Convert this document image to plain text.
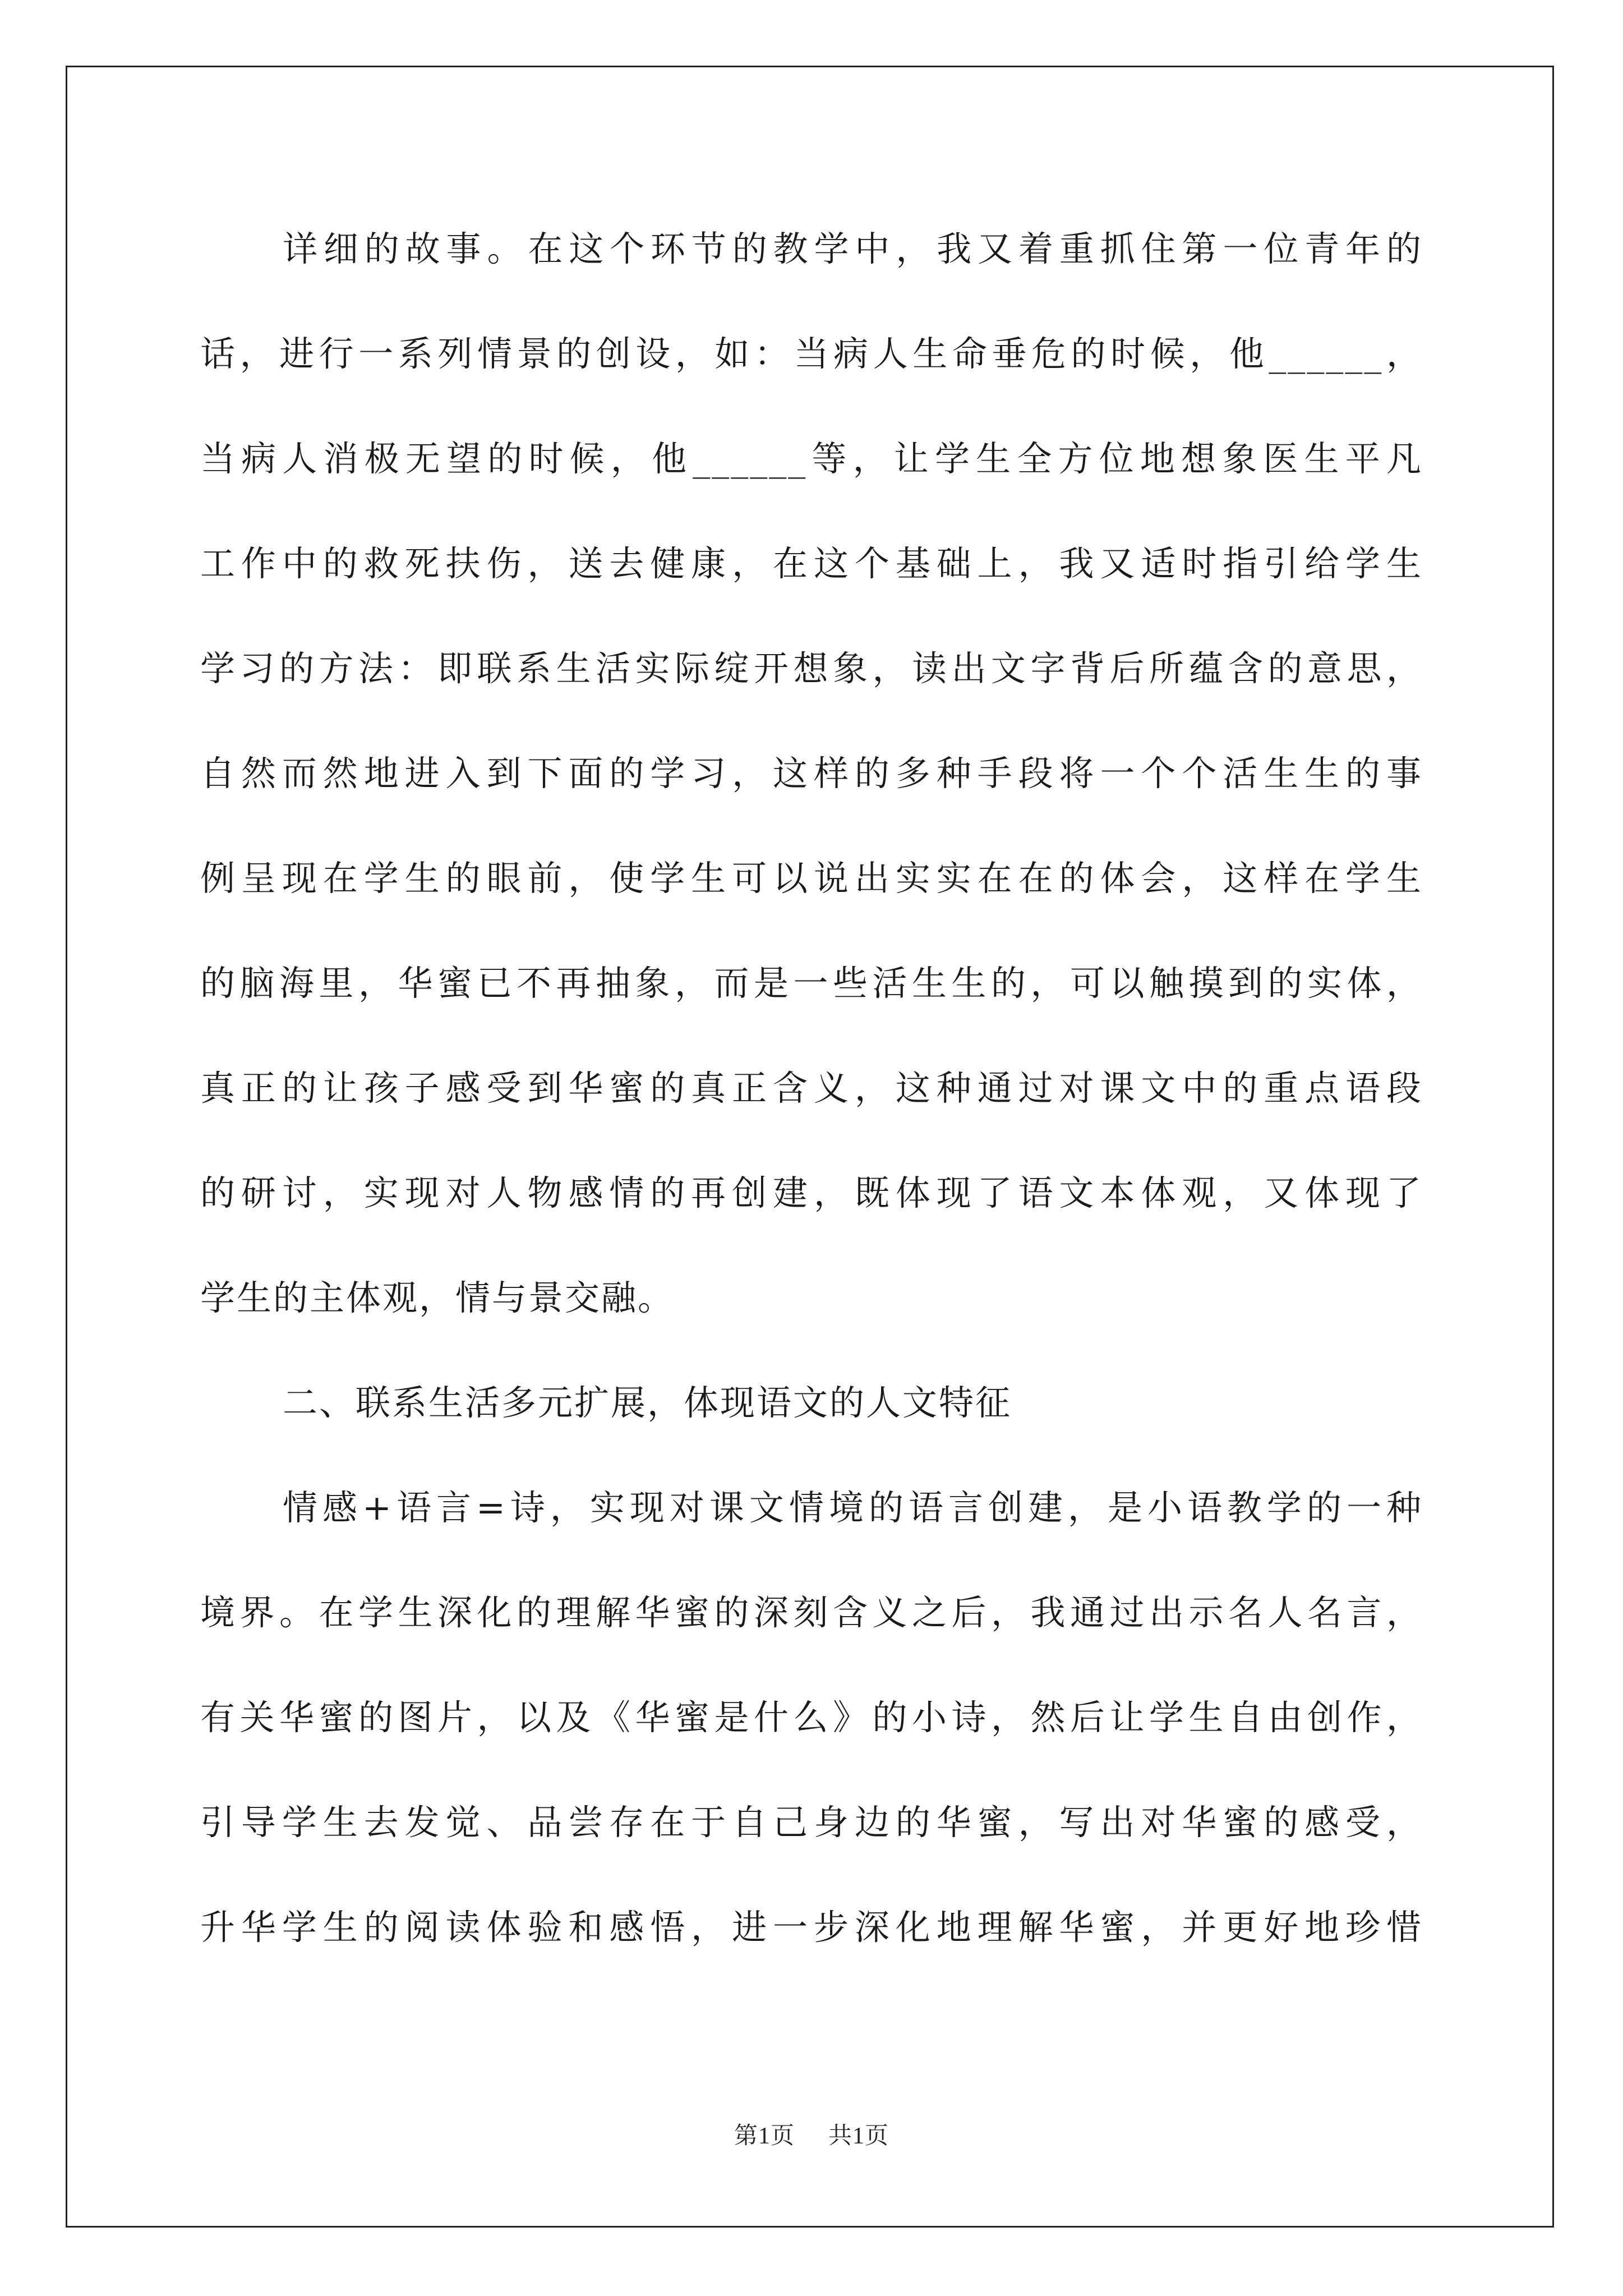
详细的故事。在这个环节的教学中，我又着重抓住第一位青年的
话，进行一系列情景的创设，如：当病人生命垂危的时候，他______，
当病人消极无望的时候，他______等，让学生全方位地想象医生平凡
工作中的救死扶伤，送去健康，在这个基础上，我又适时指引给学生
学习的方法：即联系生活实际绽开想象，读出文字背后所蕴含的意思，
自然而然地进入到下面的学习，这样的多种手段将一个个活生生的事
例呈现在学生的眼前，使学生可以说出实实在在的体会，这样在学生
的脑海里，华蜜已不再抽象，而是一些活生生的，可以触摸到的实体，
真正的让孩子感受到华蜜的真正含义，这种通过对课文中的重点语段
的研讨，实现对人物感情的再创建，既体现了语文本体观，又体现了
学生的主体观，情与景交融。
二、联系生活多元扩展，体现语文的人文特征
情感+语言=诗，实现对课文情境的语言创建，是小语教学的一种
境界。在学生深化的理解华蜜的深刻含义之后，我通过出示名人名言，
有关华蜜的图片，以及《华蜜是什么》的小诗，然后让学生自由创作，
引导学生去发觉、品尝存在于自己身边的华蜜，写出对华蜜的感受，
升华学生的阅读体验和感悟，进一步深化地理解华蜜，并更好地珍惜
第1页 共1页
